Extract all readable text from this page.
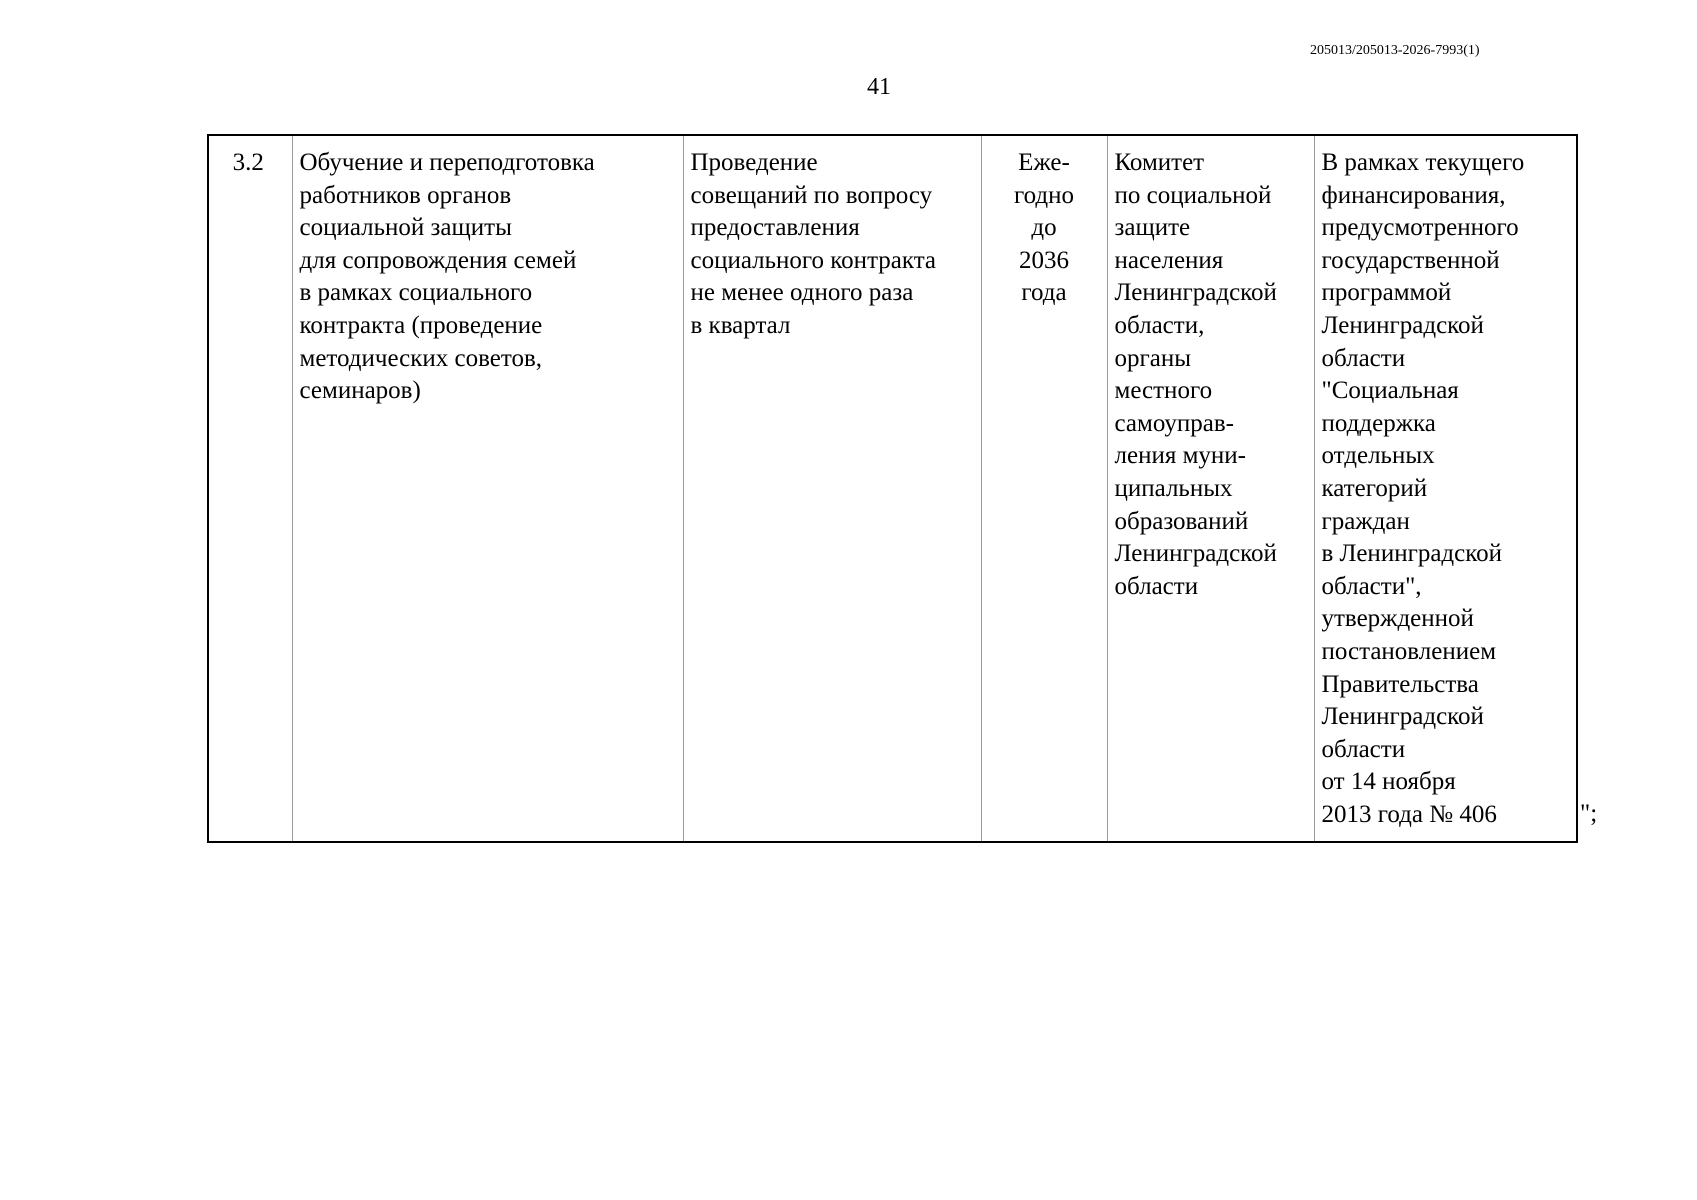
205013/205013-2026-7993(1)
41
3.2	Обучение и переподготовка
работников органов
социальной защиты
для сопровождения семей
в рамках социального
контракта (проведение
методических советов,
семинаров)	Проведение
совещаний по вопросу
предоставления
социального контракта
не менее одного раза
в квартал	Еже-
годно
до
2036
года	Комитет
по социальной
защите
населения
Ленинградской
области,
органы
местного
самоуправ-
ления муни-
ципальных
образований
Ленинградской
области	В рамках текущего
финансирования,
предусмотренного
государственной
программой
Ленинградской
области
"Социальная
поддержка
отдельных
категорий
граждан
в Ленинградской
области",
утвержденной
постановлением
Правительства
Ленинградской
области
от 14 ноября
2013 года № 406	";
